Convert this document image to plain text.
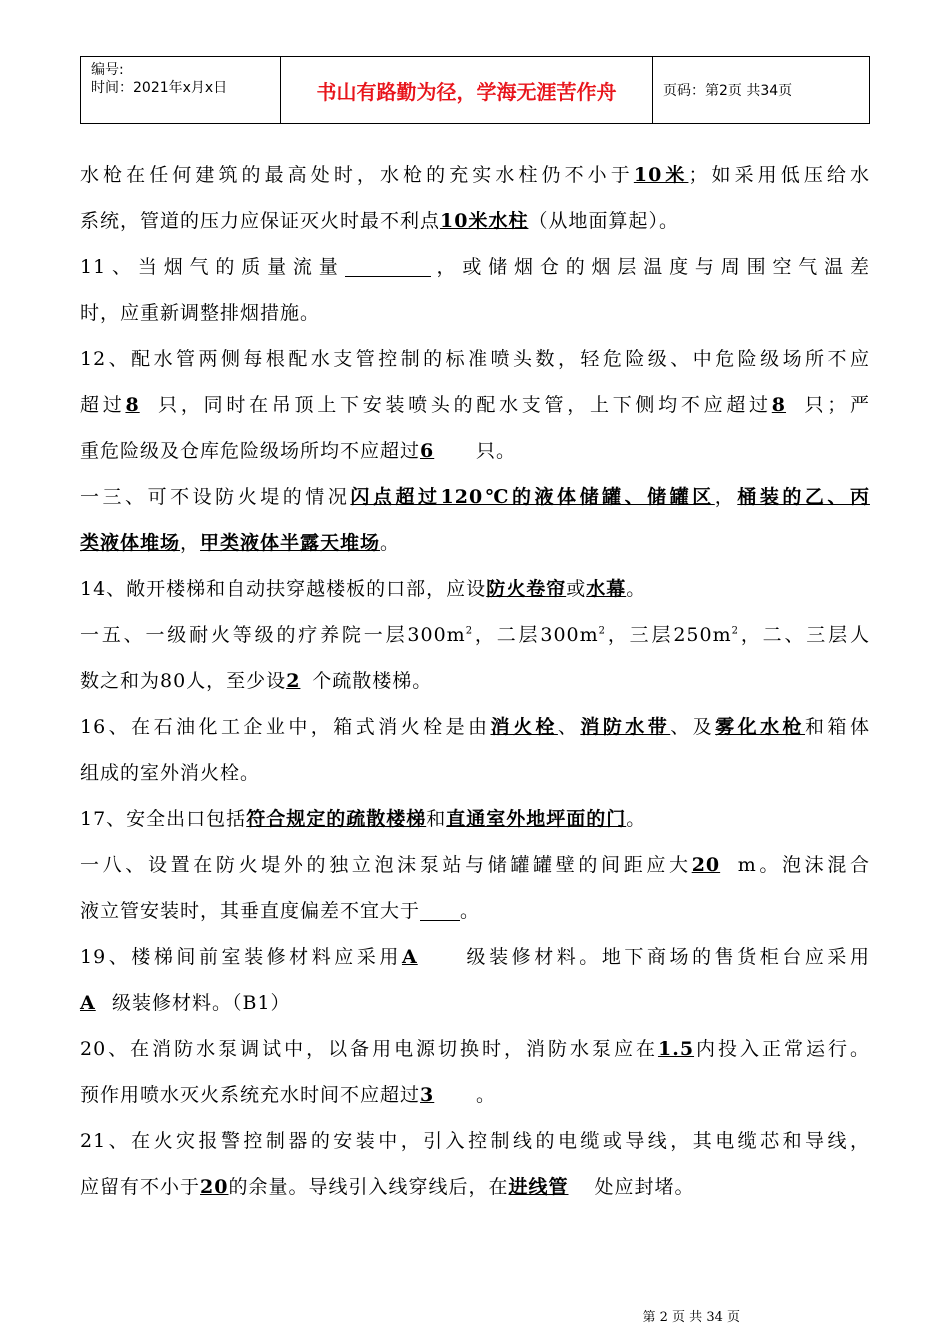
编号:
时间：2021年x月x日	书山有路勤为径，学海无涯苦作舟	页码：第2页 共34页

水枪在任何建筑的最高处时，水枪的充实水柱仍不小于10米；如采用低压给水

系统，管道的压力应保证灭火时最不利点10米水柱（从地面算起）。

11、当烟气的质量流量	，或储烟仓的烟层温度与周围空气温差

时，应重新调整排烟措施。

12、配水管两侧每根配水支管控制的标准喷头数，轻危险级、中危险级场所不应

超过8 只，同时在吊顶上下安装喷头的配水支管，上下侧均不应超过8 只；严

重危险级及仓库危险级场所均不应超过6 只。

一三、可不设防火堤的情况闪点超过120℃的液体储罐、储罐区，桶装的乙、丙

类液体堆场，甲类液体半露天堆场。

14、敞开楼梯和自动扶穿越楼板的口部，应设防火卷帘或水幕。

一五、一级耐火等级的疗养院一层$300m^2$，二层$300m^2$，三层$250m^2$，二、三层人

数之和为80人，至少设2 个疏散楼梯。

16、在石油化工企业中，箱式消火栓是由消火栓、消防水带、及雾化水枪和箱体

组成的室外消火栓。

17、安全出口包括符合规定的疏散楼梯和直通室外地坪面的门。

一八、设置在防火堤外的独立泡沫泵站与储罐罐壁的间距应大20 m。泡沫混合

液立管安装时，其垂直度偏差不宜大于 。

19、楼梯间前室装修材料应采用A 级装修材料。地下商场的售货柜台应采用

A 级装修材料。（B1）

20、在消防水泵调试中，以备用电源切换时，消防水泵应在1.5内投入正常运行。

预作用喷水灭火系统充水时间不应超过3 。

21、在火灾报警控制器的安装中，引入控制线的电缆或导线，其电缆芯和导线，

应留有不小于20的余量。导线引入线穿线后，在进线管 处应封堵。

第 2 页 共 34 页
